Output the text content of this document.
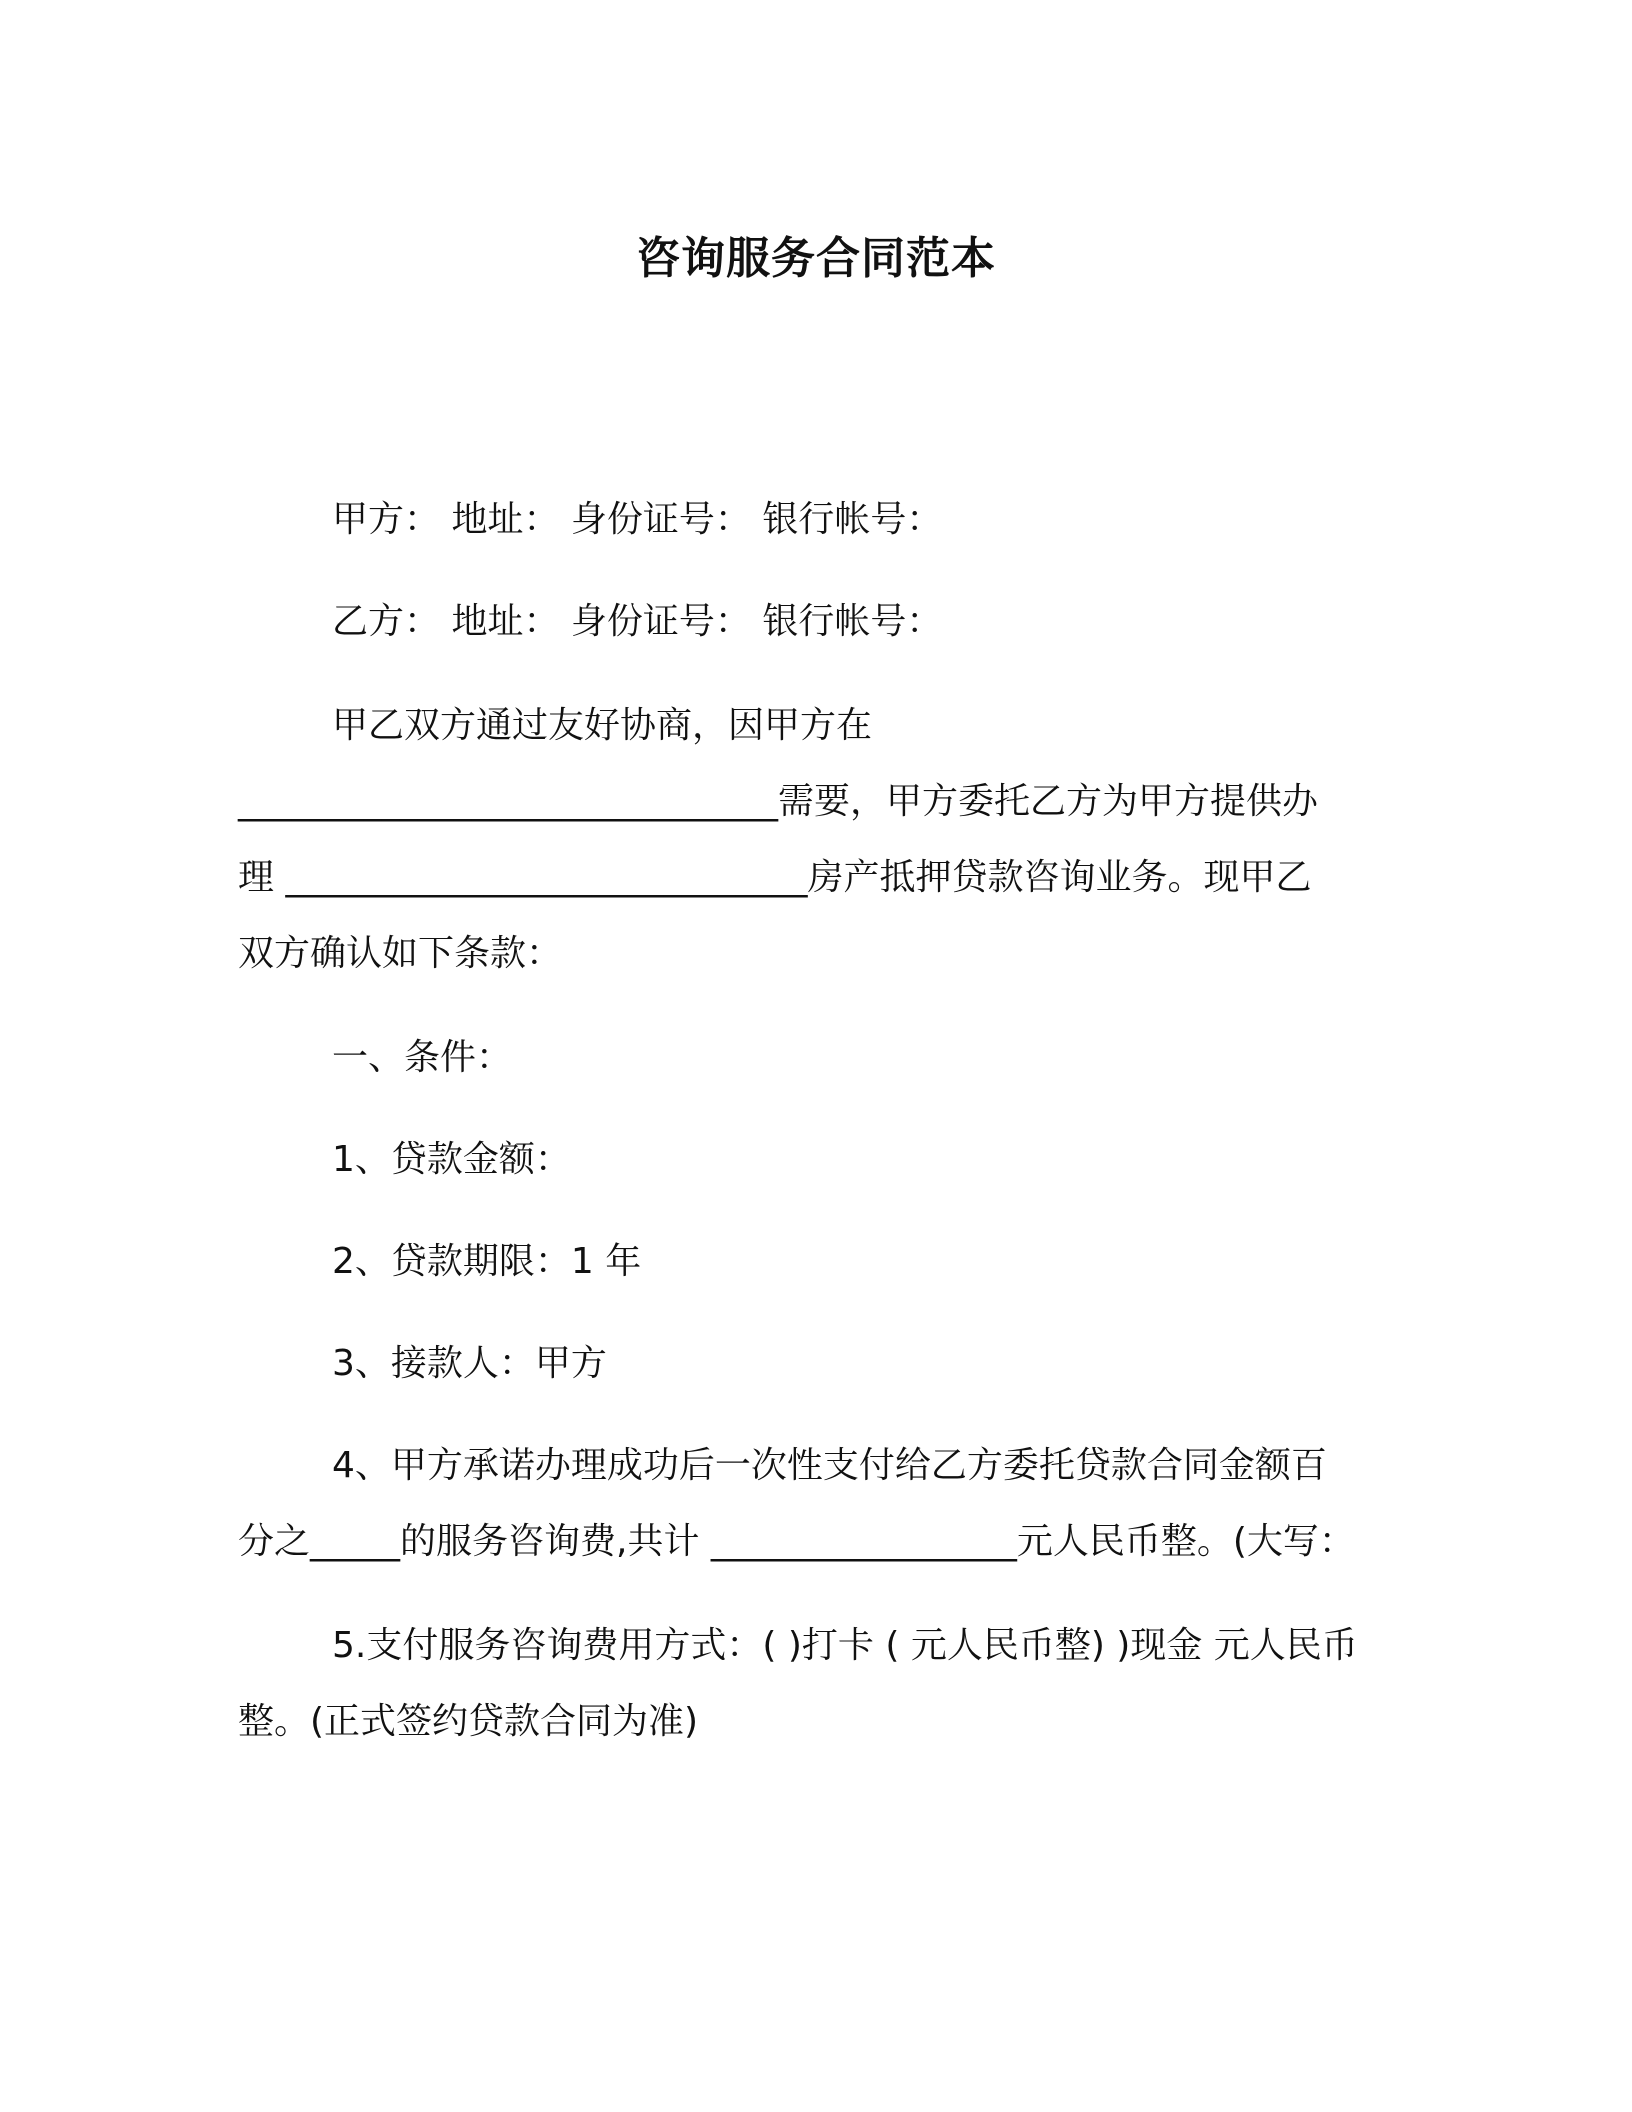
咨询服务合同范本
甲方： 地址： 身份证号： 银行帐号：
乙方： 地址： 身份证号： 银行帐号：
甲乙双方通过友好协商，因甲方在
______________________________需要，甲方委托乙方为甲方提供办
理 _____________________________房产抵押贷款咨询业务。现甲乙
双方确认如下条款：
一、条件：
1、贷款金额：
2、贷款期限：1 年
3、接款人：甲方
4、甲方承诺办理成功后一次性支付给乙方委托贷款合同金额百
分之_____的服务咨询费,共计 _________________元人民币整。(大写：
5.支付服务咨询费用方式：( )打卡 ( 元人民币整) )现金 元人民币
整。(正式签约贷款合同为准)
